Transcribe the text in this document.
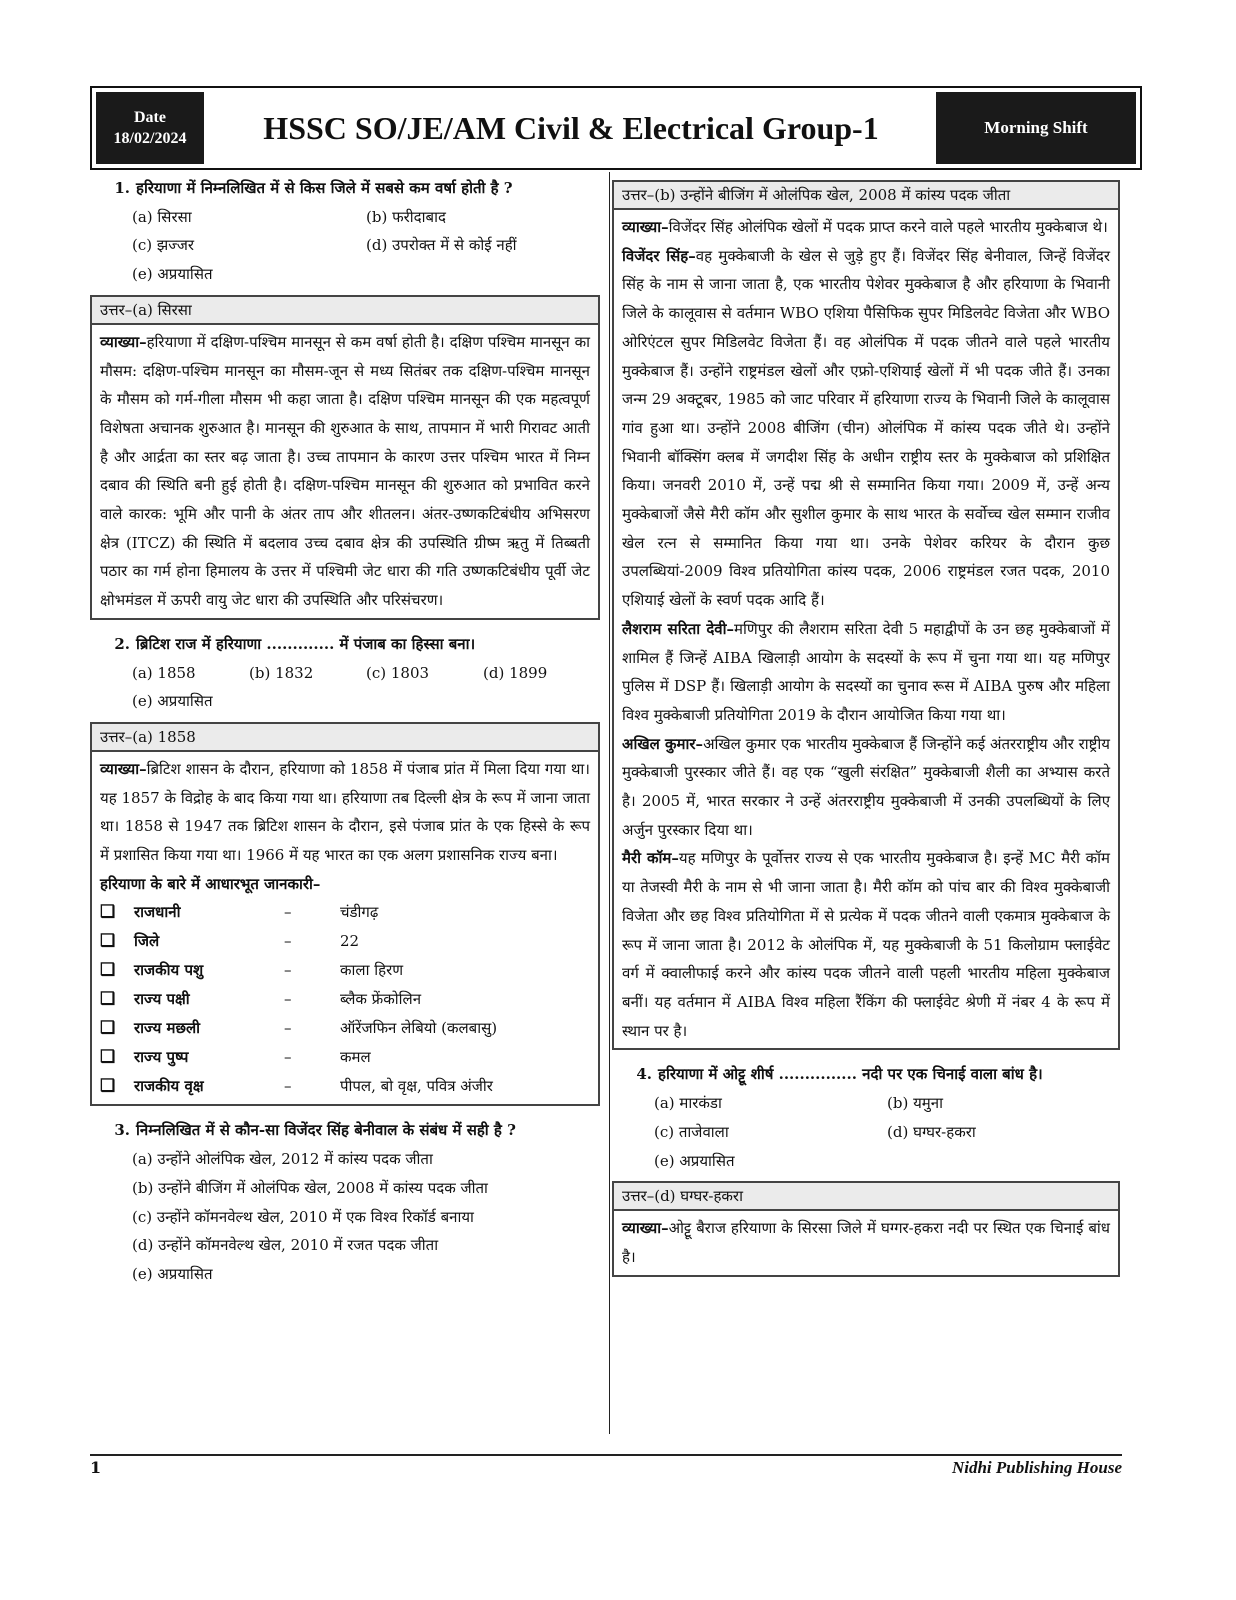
Date
18/02/2024	HSSC SO/JE/AM Civil & Electrical Group-1	Morning Shift
1. हरियाणा में निम्नलिखित में से किस जिले में सबसे कम वर्षा होती है ?
(a) सिरसा	(b) फरीदाबाद
(c) झज्जर	(d) उपरोक्त में से कोई नहीं
(e) अप्रयासित
उत्तर–(a) सिरसा
व्याख्या–हरियाणा में दक्षिण-पश्चिम मानसून से कम वर्षा होती है। दक्षिण पश्चिम मानसून का मौसम: दक्षिण-पश्चिम मानसून का मौसम-जून से मध्य सितंबर तक दक्षिण-पश्चिम मानसून के मौसम को गर्म-गीला मौसम भी कहा जाता है। दक्षिण पश्चिम मानसून की एक महत्वपूर्ण विशेषता अचानक शुरुआत है। मानसून की शुरुआत के साथ, तापमान में भारी गिरावट आती है और आर्द्रता का स्तर बढ़ जाता है। उच्च तापमान के कारण उत्तर पश्चिम भारत में निम्न दबाव की स्थिति बनी हुई होती है। दक्षिण-पश्चिम मानसून की शुरुआत को प्रभावित करने वाले कारक: भूमि और पानी के अंतर ताप और शीतलन। अंतर-उष्णकटिबंधीय अभिसरण क्षेत्र (ITCZ) की स्थिति में बदलाव उच्च दबाव क्षेत्र की उपस्थिति ग्रीष्म ऋतु में तिब्बती पठार का गर्म होना हिमालय के उत्तर में पश्चिमी जेट धारा की गति उष्णकटिबंधीय पूर्वी जेट क्षोभमंडल में ऊपरी वायु जेट धारा की उपस्थिति और परिसंचरण।
2. ब्रिटिश राज में हरियाणा ............. में पंजाब का हिस्सा बना।
(a) 1858	(b) 1832	(c) 1803	(d) 1899
(e) अप्रयासित
उत्तर–(a) 1858
व्याख्या–ब्रिटिश शासन के दौरान, हरियाणा को 1858 में पंजाब प्रांत में मिला दिया गया था। यह 1857 के विद्रोह के बाद किया गया था। हरियाणा तब दिल्ली क्षेत्र के रूप में जाना जाता था। 1858 से 1947 तक ब्रिटिश शासन के दौरान, इसे पंजाब प्रांत के एक हिस्से के रूप में प्रशासित किया गया था। 1966 में यह भारत का एक अलग प्रशासनिक राज्य बना।
हरियाणा के बारे में आधारभूत जानकारी–
❑	राजधानी	–	चंडीगढ़
❑	जिले	–	22
❑	राजकीय पशु	–	काला हिरण
❑	राज्य पक्षी	–	ब्लैक फ्रेंकोलिन
❑	राज्य मछली	–	ऑरेंजफिन लेबियो (कलबासु)
❑	राज्य पुष्प	–	कमल
❑	राजकीय वृक्ष	–	पीपल, बो वृक्ष, पवित्र अंजीर
3. निम्नलिखित में से कौन-सा विजेंदर सिंह बेनीवाल के संबंध में सही है ?
(a) उन्होंने ओलंपिक खेल, 2012 में कांस्य पदक जीता
(b) उन्होंने बीजिंग में ओलंपिक खेल, 2008 में कांस्य पदक जीता
(c) उन्होंने कॉमनवेल्थ खेल, 2010 में एक विश्व रिकॉर्ड बनाया
(d) उन्होंने कॉमनवेल्थ खेल, 2010 में रजत पदक जीता
(e) अप्रयासित
उत्तर–(b) उन्होंने बीजिंग में ओलंपिक खेल, 2008 में कांस्य पदक जीता
व्याख्या–विजेंदर सिंह ओलंपिक खेलों में पदक प्राप्त करने वाले पहले भारतीय मुक्केबाज थे।
विजेंदर सिंह–वह मुक्केबाजी के खेल से जुड़े हुए हैं। विजेंदर सिंह बेनीवाल, जिन्हें विजेंदर सिंह के नाम से जाना जाता है, एक भारतीय पेशेवर मुक्केबाज है और हरियाणा के भिवानी जिले के कालूवास से वर्तमान WBO एशिया पैसिफिक सुपर मिडिलवेट विजेता और WBO ओरिएंटल सुपर मिडिलवेट विजेता हैं। वह ओलंपिक में पदक जीतने वाले पहले भारतीय मुक्केबाज हैं। उन्होंने राष्ट्रमंडल खेलों और एफ्रो-एशियाई खेलों में भी पदक जीते हैं। उनका जन्म 29 अक्टूबर, 1985 को जाट परिवार में हरियाणा राज्य के भिवानी जिले के कालूवास गांव हुआ था। उन्होंने 2008 बीजिंग (चीन) ओलंपिक में कांस्य पदक जीते थे। उन्होंने भिवानी बॉक्सिंग क्लब में जगदीश सिंह के अधीन राष्ट्रीय स्तर के मुक्केबाज को प्रशिक्षित किया। जनवरी 2010 में, उन्हें पद्म श्री से सम्मानित किया गया। 2009 में, उन्हें अन्य मुक्केबाजों जैसे मैरी कॉम और सुशील कुमार के साथ भारत के सर्वोच्च खेल सम्मान राजीव खेल रत्न से सम्मानित किया गया था। उनके पेशेवर करियर के दौरान कुछ उपलब्धियां-2009 विश्व प्रतियोगिता कांस्य पदक, 2006 राष्ट्रमंडल रजत पदक, 2010 एशियाई खेलों के स्वर्ण पदक आदि हैं।
लैशराम सरिता देवी–मणिपुर की लैशराम सरिता देवी 5 महाद्वीपों के उन छह मुक्केबाजों में शामिल हैं जिन्हें AIBA खिलाड़ी आयोग के सदस्यों के रूप में चुना गया था। यह मणिपुर पुलिस में DSP हैं। खिलाड़ी आयोग के सदस्यों का चुनाव रूस में AIBA पुरुष और महिला विश्व मुक्केबाजी प्रतियोगिता 2019 के दौरान आयोजित किया गया था।
अखिल कुमार–अखिल कुमार एक भारतीय मुक्केबाज हैं जिन्होंने कई अंतरराष्ट्रीय और राष्ट्रीय मुक्केबाजी पुरस्कार जीते हैं। वह एक “खुली संरक्षित” मुक्केबाजी शैली का अभ्यास करते है। 2005 में, भारत सरकार ने उन्हें अंतरराष्ट्रीय मुक्केबाजी में उनकी उपलब्धियों के लिए अर्जुन पुरस्कार दिया था।
मैरी कॉम–यह मणिपुर के पूर्वोत्तर राज्य से एक भारतीय मुक्केबाज है। इन्हें MC मैरी कॉम या तेजस्वी मैरी के नाम से भी जाना जाता है। मैरी कॉम को पांच बार की विश्व मुक्केबाजी विजेता और छह विश्व प्रतियोगिता में से प्रत्येक में पदक जीतने वाली एकमात्र मुक्केबाज के रूप में जाना जाता है। 2012 के ओलंपिक में, यह मुक्केबाजी के 51 किलोग्राम फ्लाईवेट वर्ग में क्वालीफाई करने और कांस्य पदक जीतने वाली पहली भारतीय महिला मुक्केबाज बनीं। यह वर्तमान में AIBA विश्व महिला रैंकिंग की फ्लाईवेट श्रेणी में नंबर 4 के रूप में स्थान पर है।
4. हरियाणा में ओट्टू शीर्ष ............... नदी पर एक चिनाई वाला बांध है।
(a) मारकंडा	(b) यमुना
(c) ताजेवाला	(d) घग्घर-हकरा
(e) अप्रयासित
उत्तर–(d) घग्घर-हकरा
व्याख्या–ओट्टू बैराज हरियाणा के सिरसा जिले में घग्गर-हकरा नदी पर स्थित एक चिनाई बांध है।
1	Nidhi Publishing House
